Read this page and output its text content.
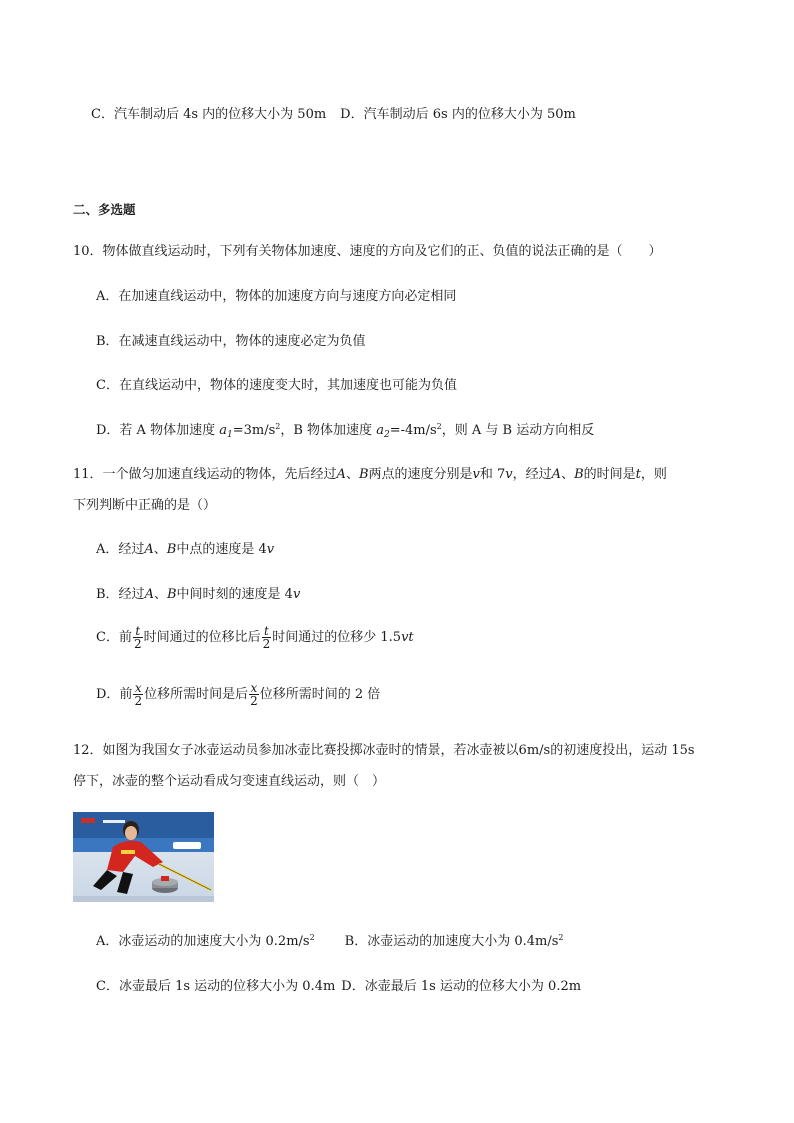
C．汽车制动后 4s 内的位移大小为 50m D．汽车制动后 6s 内的位移大小为 50m
二、多选题
10．物体做直线运动时，下列有关物体加速度、速度的方向及它们的正、负值的说法正确的是（　　）
A．在加速直线运动中，物体的加速度方向与速度方向必定相同
B．在减速直线运动中，物体的速度必定为负值
C．在直线运动中，物体的速度变大时，其加速度也可能为负值
D．若 A 物体加速度 $a_1=3m/s^2$，B 物体加速度 $a_2=-4m/s^2$，则 A 与 B 运动方向相反
11．一个做匀加速直线运动的物体，先后经过A、B两点的速度分别是v和 7v，经过A、B的时间是t，则
下列判断中正确的是（）
A．经过A、B中点的速度是 4v
B．经过A、B中间时刻的速度是 4v
C．前 $\frac{t}{2}$ 时间通过的位移比后 $\frac{t}{2}$ 时间通过的位移少 1.5vt
D．前 $\frac{x}{2}$ 位移所需时间是后 $\frac{x}{2}$ 位移所需时间的 2 倍
12．如图为我国女子冰壶运动员参加冰壶比赛投掷冰壶时的情景，若冰壶被以6m/s的初速度投出，运动 15s
停下，冰壶的整个运动看成匀变速直线运动，则（　）
A．冰壶运动的加速度大小为 $0.2m/s^2$ B．冰壶运动的加速度大小为 $0.4m/s^2$
C．冰壶最后 1s 运动的位移大小为 0.4m D．冰壶最后 1s 运动的位移大小为 0.2m
